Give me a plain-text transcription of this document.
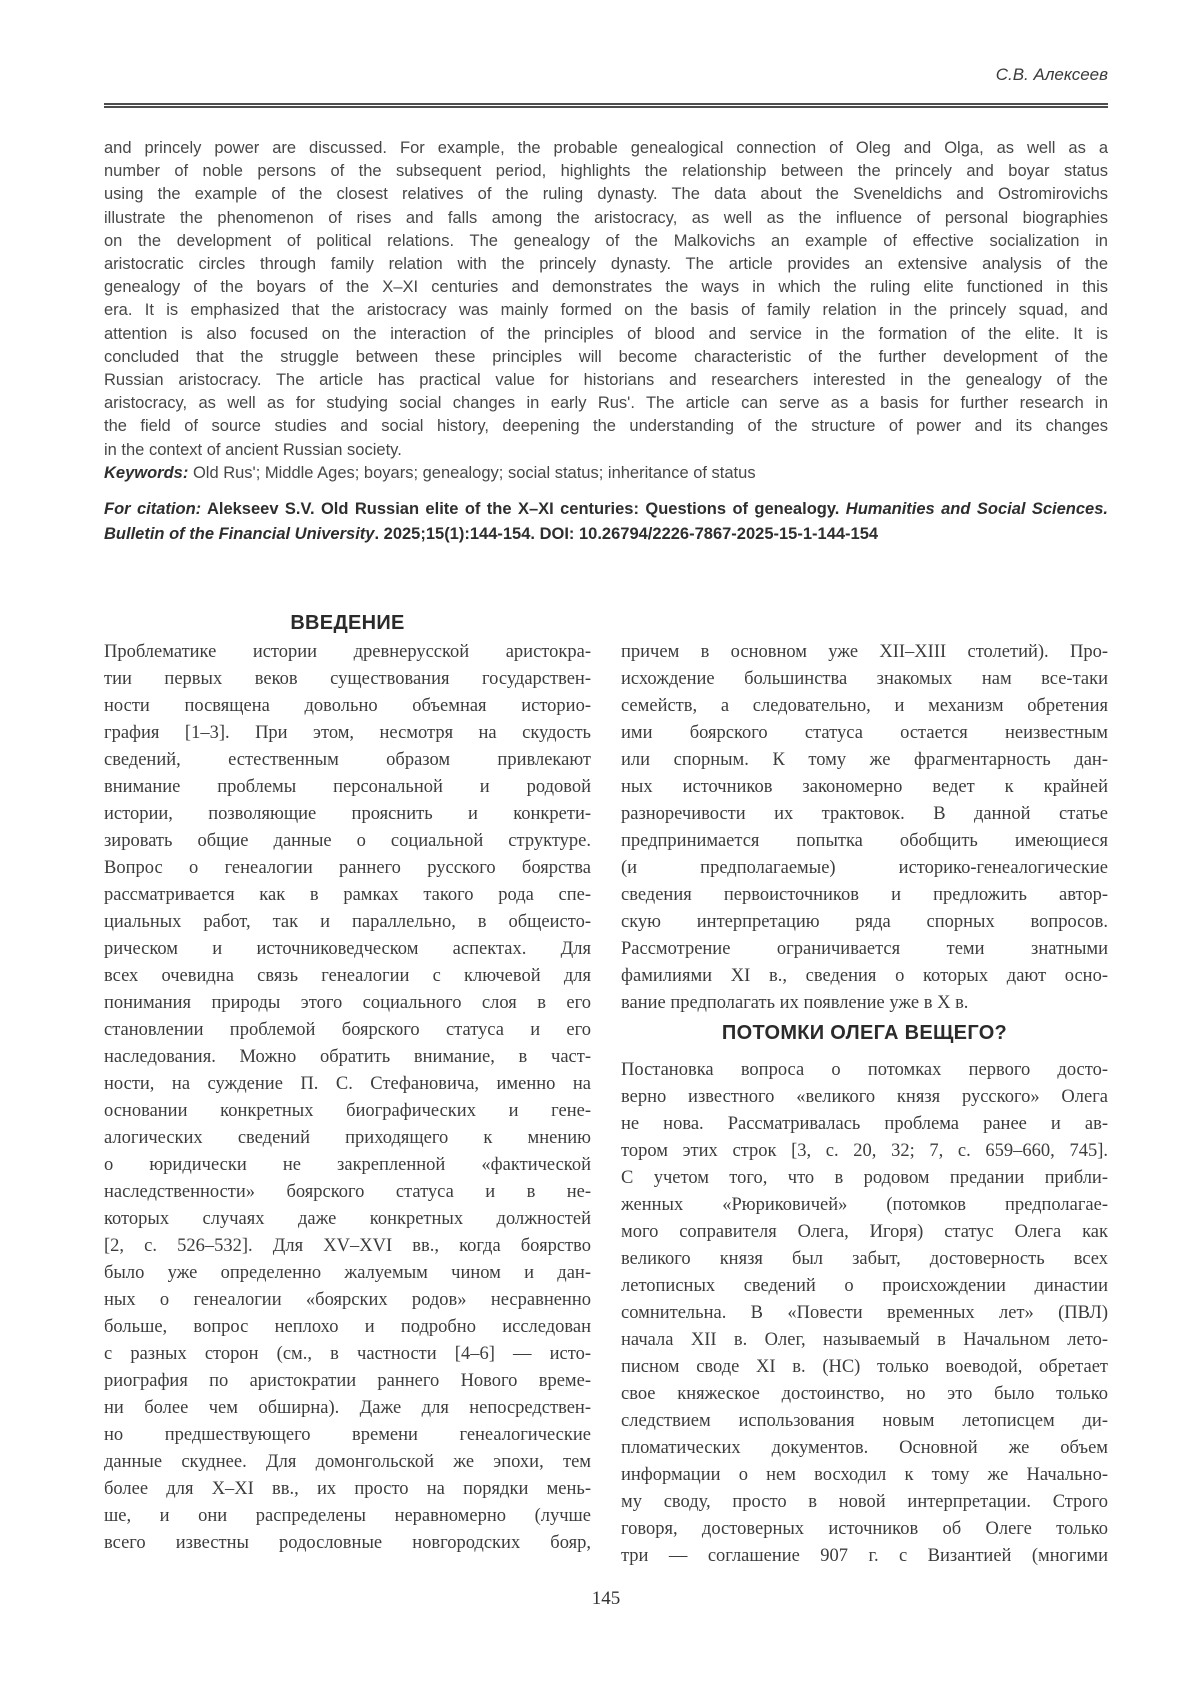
С.В. Алексеев
and princely power are discussed. For example, the probable genealogical connection of Oleg and Olga, as well as a
number of noble persons of the subsequent period, highlights the relationship between the princely and boyar status
using the example of the closest relatives of the ruling dynasty. The data about the Sveneldichs and Ostromirovichs
illustrate the phenomenon of rises and falls among the aristocracy, as well as the influence of personal biographies
on the development of political relations. The genealogy of the Malkovichs an example of effective socialization in
aristocratic circles through family relation with the princely dynasty. The article provides an extensive analysis of the
genealogy of the boyars of the X–XI centuries and demonstrates the ways in which the ruling elite functioned in this
era. It is emphasized that the aristocracy was mainly formed on the basis of family relation in the princely squad, and
attention is also focused on the interaction of the principles of blood and service in the formation of the elite. It is
concluded that the struggle between these principles will become characteristic of the further development of the
Russian aristocracy. The article has practical value for historians and researchers interested in the genealogy of the
aristocracy, as well as for studying social changes in early Rus'. The article can serve as a basis for further research in
the field of source studies and social history, deepening the understanding of the structure of power and its changes
in the context of ancient Russian society.
Keywords: Old Rus'; Middle Ages; boyars; genealogy; social status; inheritance of status
For citation: Alekseev S.V. Old Russian elite of the X–XI centuries: Questions of genealogy. Humanities and Social Sciences. Bulletin of the Financial University. 2025;15(1):144-154. DOI: 10.26794/2226-7867-2025-15-1-144-154
ВВЕДЕНИЕ
Проблематике истории древнерусской аристокра-
тии первых веков существования государствен-
ности посвящена довольно объемная историо-
графия [1–3]. При этом, несмотря на скудость
сведений, естественным образом привлекают
внимание проблемы персональной и родовой
истории, позволяющие прояснить и конкрети-
зировать общие данные о социальной структуре.
Вопрос о генеалогии раннего русского боярства
рассматривается как в рамках такого рода спе-
циальных работ, так и параллельно, в общеисто-
рическом и источниковедческом аспектах. Для
всех очевидна связь генеалогии с ключевой для
понимания природы этого социального слоя в его
становлении проблемой боярского статуса и его
наследования. Можно обратить внимание, в част-
ности, на суждение П. С. Стефановича, именно на
основании конкретных биографических и гене-
алогических сведений приходящего к мнению
о юридически не закрепленной «фактической
наследственности» боярского статуса и в не-
которых случаях даже конкретных должностей
[2, с. 526–532]. Для XV–XVI вв., когда боярство
было уже определенно жалуемым чином и дан-
ных о генеалогии «боярских родов» несравненно
больше, вопрос неплохо и подробно исследован
с разных сторон (см., в частности [4–6] — исто-
риография по аристократии раннего Нового време-
ни более чем обширна). Даже для непосредствен-
но предшествующего времени генеалогические
данные скуднее. Для домонгольской же эпохи, тем
более для X–XI вв., их просто на порядки мень-
ше, и они распределены неравномерно (лучше
всего известны родословные новгородских бояр,
причем в основном уже XII–XIII столетий). Про-
исхождение большинства знакомых нам все-таки
семейств, а следовательно, и механизм обретения
ими боярского статуса остается неизвестным
или спорным. К тому же фрагментарность дан-
ных источников закономерно ведет к крайней
разноречивости их трактовок. В данной статье
предпринимается попытка обобщить имеющиеся
(и предполагаемые) историко-генеалогические
сведения первоисточников и предложить автор-
скую интерпретацию ряда спорных вопросов.
Рассмотрение ограничивается теми знатными
фамилиями XI в., сведения о которых дают осно-
вание предполагать их появление уже в X в.
ПОТОМКИ ОЛЕГА ВЕЩЕГО?
Постановка вопроса о потомках первого досто-
верно известного «великого князя русского» Олега
не нова. Рассматривалась проблема ранее и ав-
тором этих строк [3, с. 20, 32; 7, с. 659–660, 745].
С учетом того, что в родовом предании прибли-
женных «Рюриковичей» (потомков предполагае-
мого соправителя Олега, Игоря) статус Олега как
великого князя был забыт, достоверность всех
летописных сведений о происхождении династии
сомнительна. В «Повести временных лет» (ПВЛ)
начала XII в. Олег, называемый в Начальном лето-
писном своде XI в. (НС) только воеводой, обретает
свое княжеское достоинство, но это было только
следствием использования новым летописцем ди-
пломатических документов. Основной же объем
информации о нем восходил к тому же Начально-
му своду, просто в новой интерпретации. Строго
говоря, достоверных источников об Олеге только
три — соглашение 907 г. с Византией (многими
145
